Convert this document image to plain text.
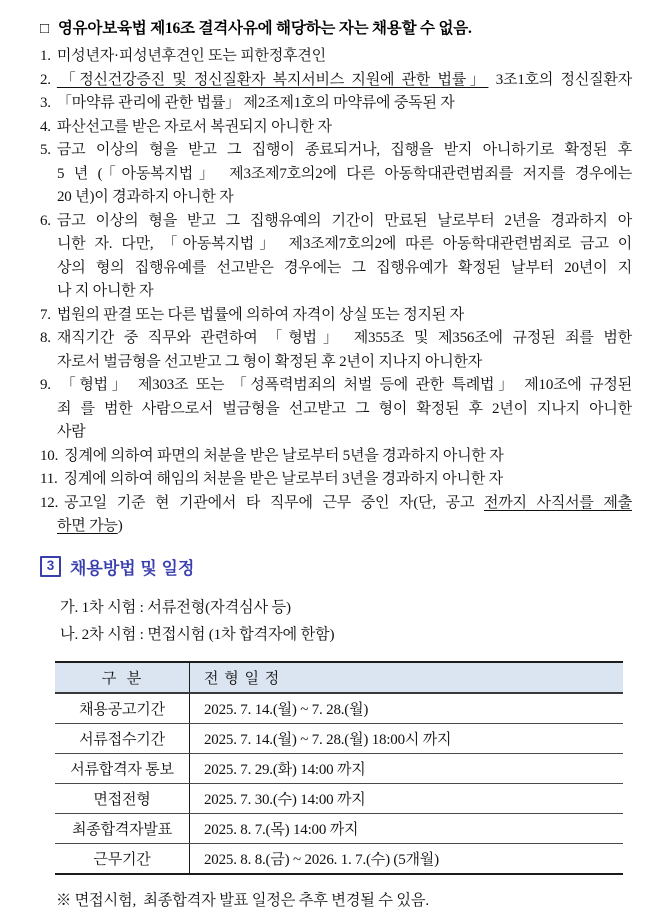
□ 영유아보육법 제16조 결격사유에 해당하는 자는 채용할 수 없음.
1. 미성년자·피성년후견인 또는 피한정후견인
2. 「정신건강증진 및 정신질환자 복지서비스 지원에 관한 법률」 3조1호의 정신질환자
3. 「마약류 관리에 관한 법률」 제2조제1호의 마약류에 중독된 자
4. 파산선고를 받은 자로서 복권되지 아니한 자
5. 금고 이상의 형을 받고 그 집행이 종료되거나, 집행을 받지 아니하기로 확정된 후
5 년 (「아동복지법」 제3조제7호의2에 다른 아동학대관련범죄를 저지를 경우에는
20 년)이 경과하지 아니한 자
6. 금고 이상의 형을 받고 그 집행유예의 기간이 만료된 날로부터 2년을 경과하지 아
니한 자. 다만, 「아동복지법」 제3조제7호의2에 따른 아동학대관련범죄로 금고 이
상의 형의 집행유예를 선고받은 경우에는 그 집행유예가 확정된 날부터 20년이 지
나 지 아니한 자
7. 법원의 판결 또는 다른 법률에 의하여 자격이 상실 또는 정지된 자
8. 재직기간 중 직무와 관련하여 「형법」 제355조 및 제356조에 규정된 죄를 범한
자로서 벌금형을 선고받고 그 형이 확정된 후 2년이 지나지 아니한자
9. 「형법」 제303조 또는 「성폭력범죄의 처벌 등에 관한 특례법」 제10조에 규정된
죄 를 범한 사람으로서 벌금형을 선고받고 그 형이 확정된 후 2년이 지나지 아니한
사람
10. 징계에 의하여 파면의 처분을 받은 날로부터 5년을 경과하지 아니한 자
11. 징계에 의하여 해임의 처분을 받은 날로부터 3년을 경과하지 아니한 자
12. 공고일 기준 현 기관에서 타 직무에 근무 중인 자(단, 공고 전까지 사직서를 제출
하면 가능)
3 채용방법 및 일정
가. 1차 시험 : 서류전형(자격심사 등)
나. 2차 시험 : 면접시험 (1차 합격자에 한함)
구  분	전 형 일 정
채용공고기간	2025. 7. 14.(월) ~ 7. 28.(월)
서류접수기간	2025. 7. 14.(월) ~ 7. 28.(월) 18:00시 까지
서류합격자 통보	2025. 7. 29.(화) 14:00 까지
면접전형	2025. 7. 30.(수) 14:00 까지
최종합격자발표	2025. 8. 7.(목) 14:00 까지
근무기간	2025. 8. 8.(금) ~ 2026. 1. 7.(수) (5개월)
※ 면접시험,  최종합격자 발표 일정은 추후 변경될 수 있음.
